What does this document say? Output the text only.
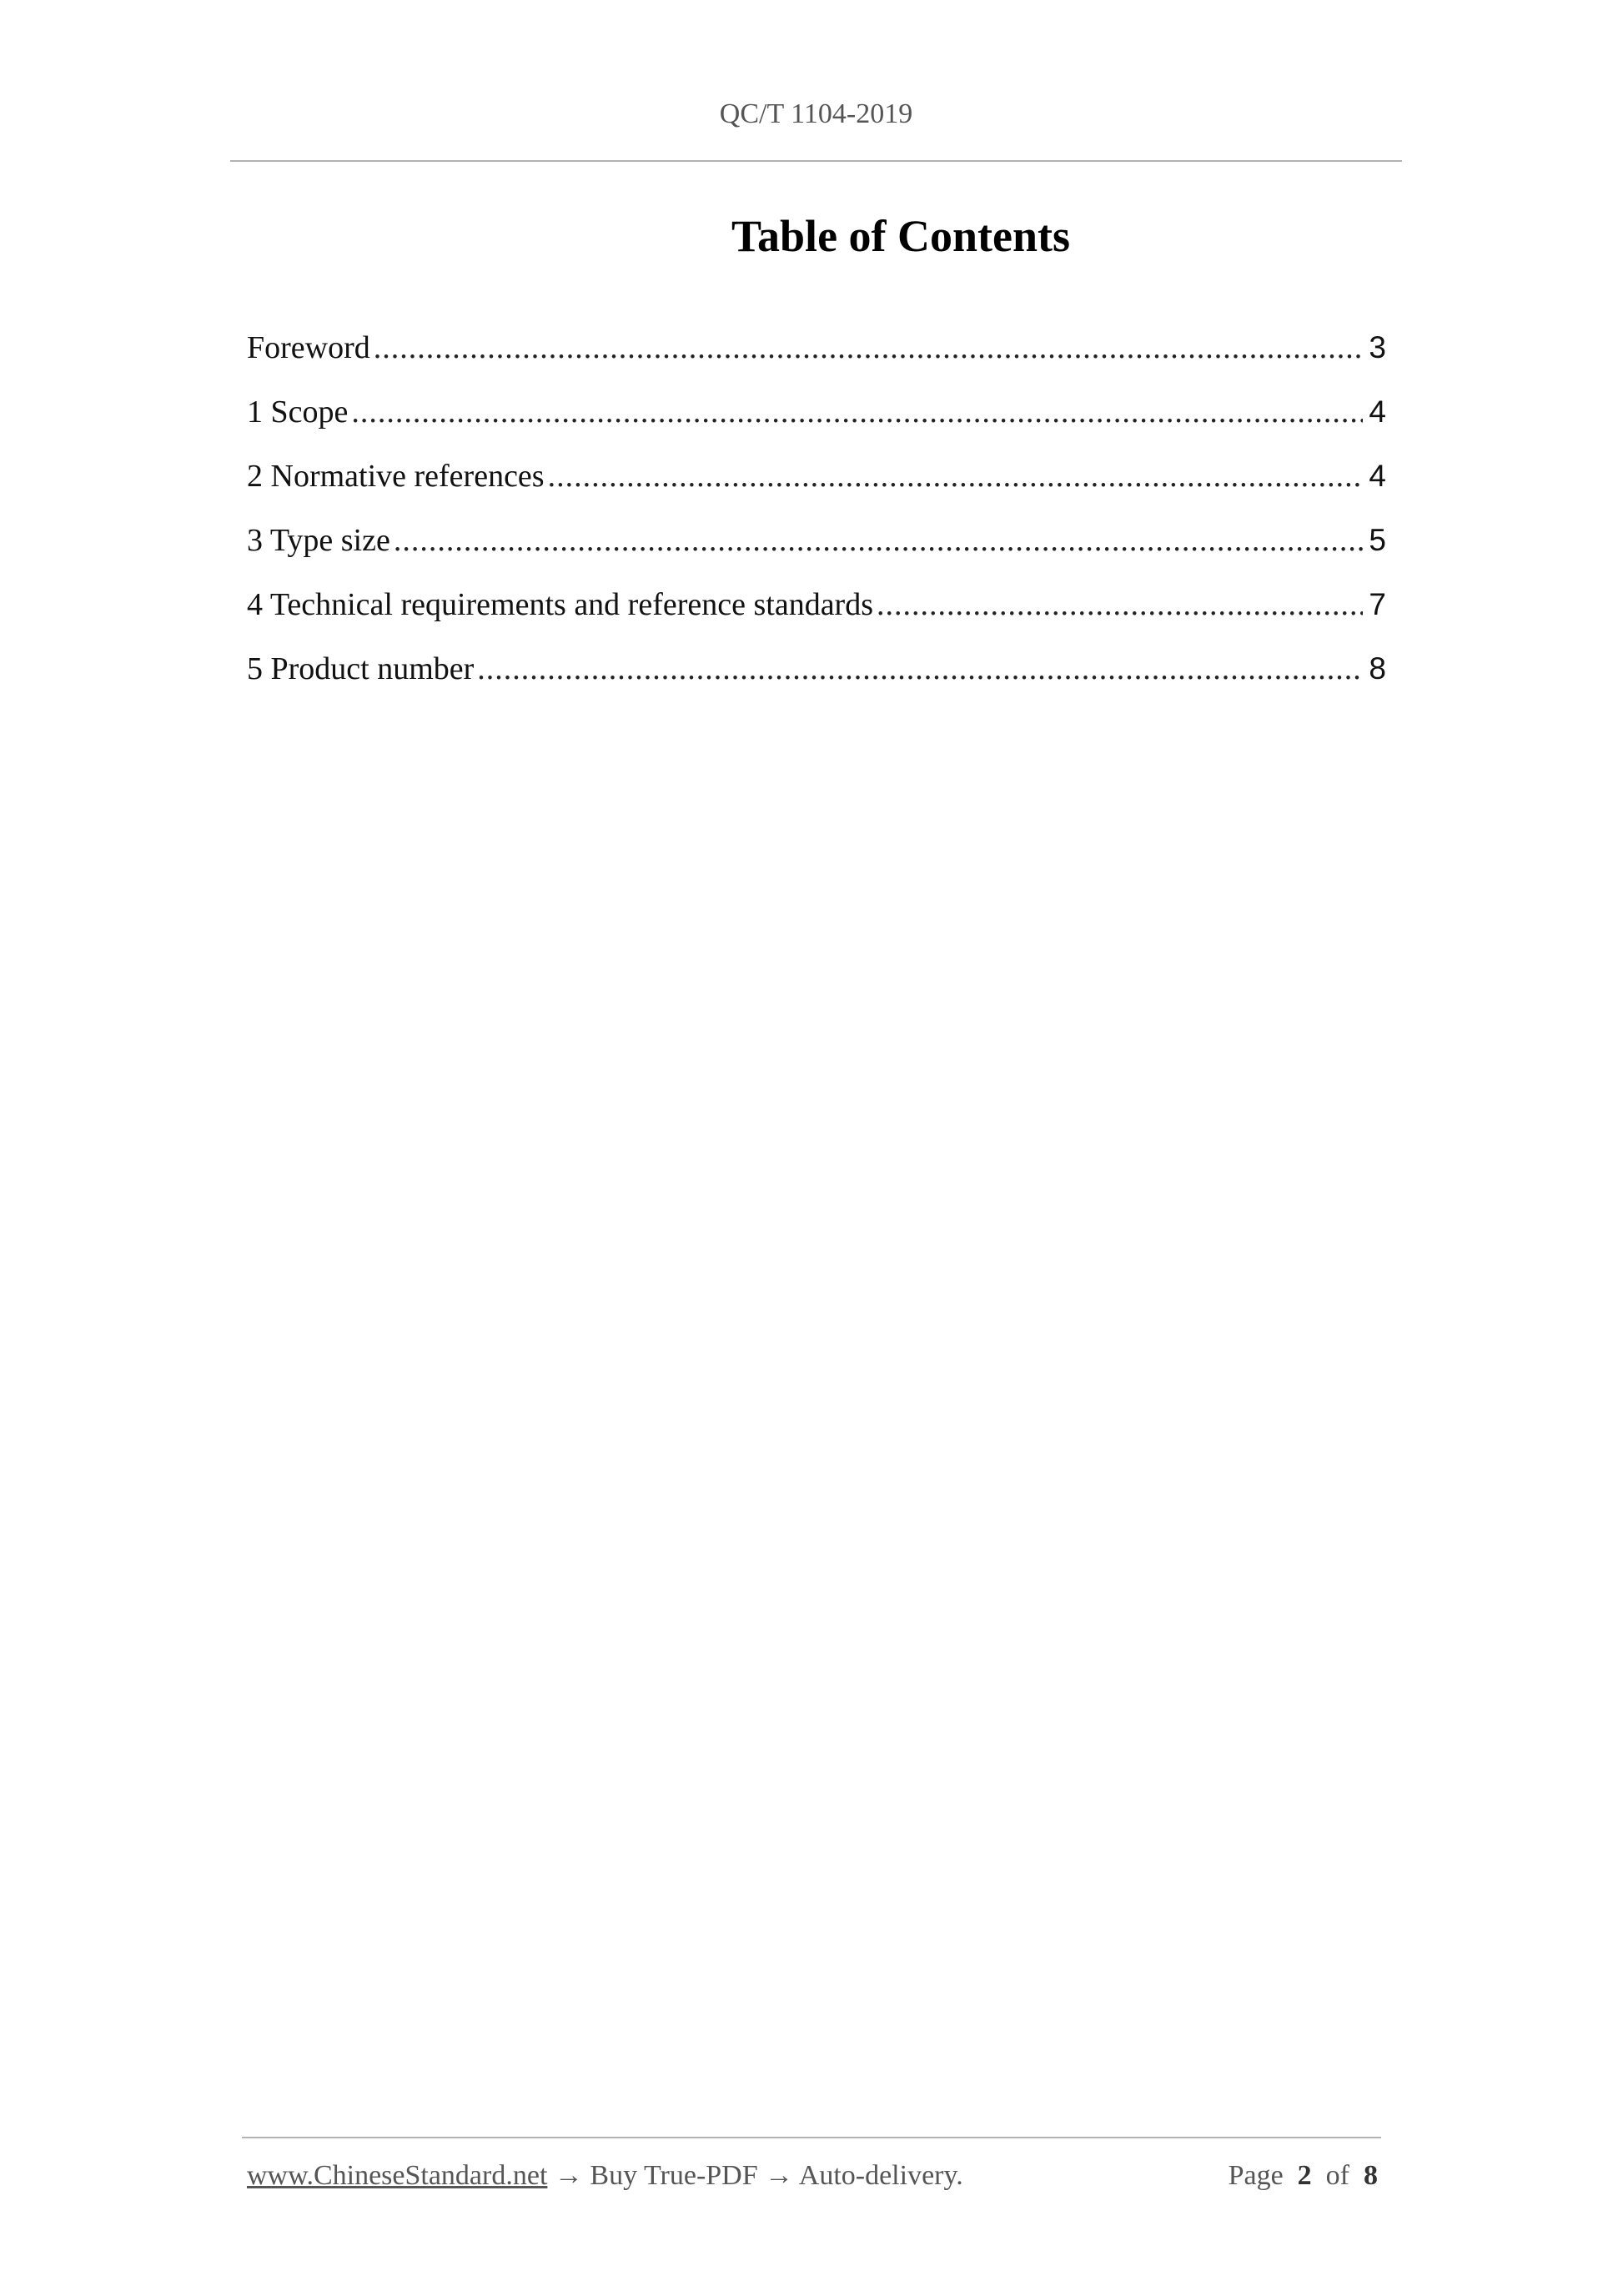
QC/T 1104-2019
Table of Contents
Foreword .....	3
1 Scope .....	4
2 Normative references .....	4
3 Type size .....	5
4 Technical requirements and reference standards .....	7
5 Product number .....	8
www.ChineseStandard.net → Buy True-PDF → Auto-delivery.	Page 2 of 8
